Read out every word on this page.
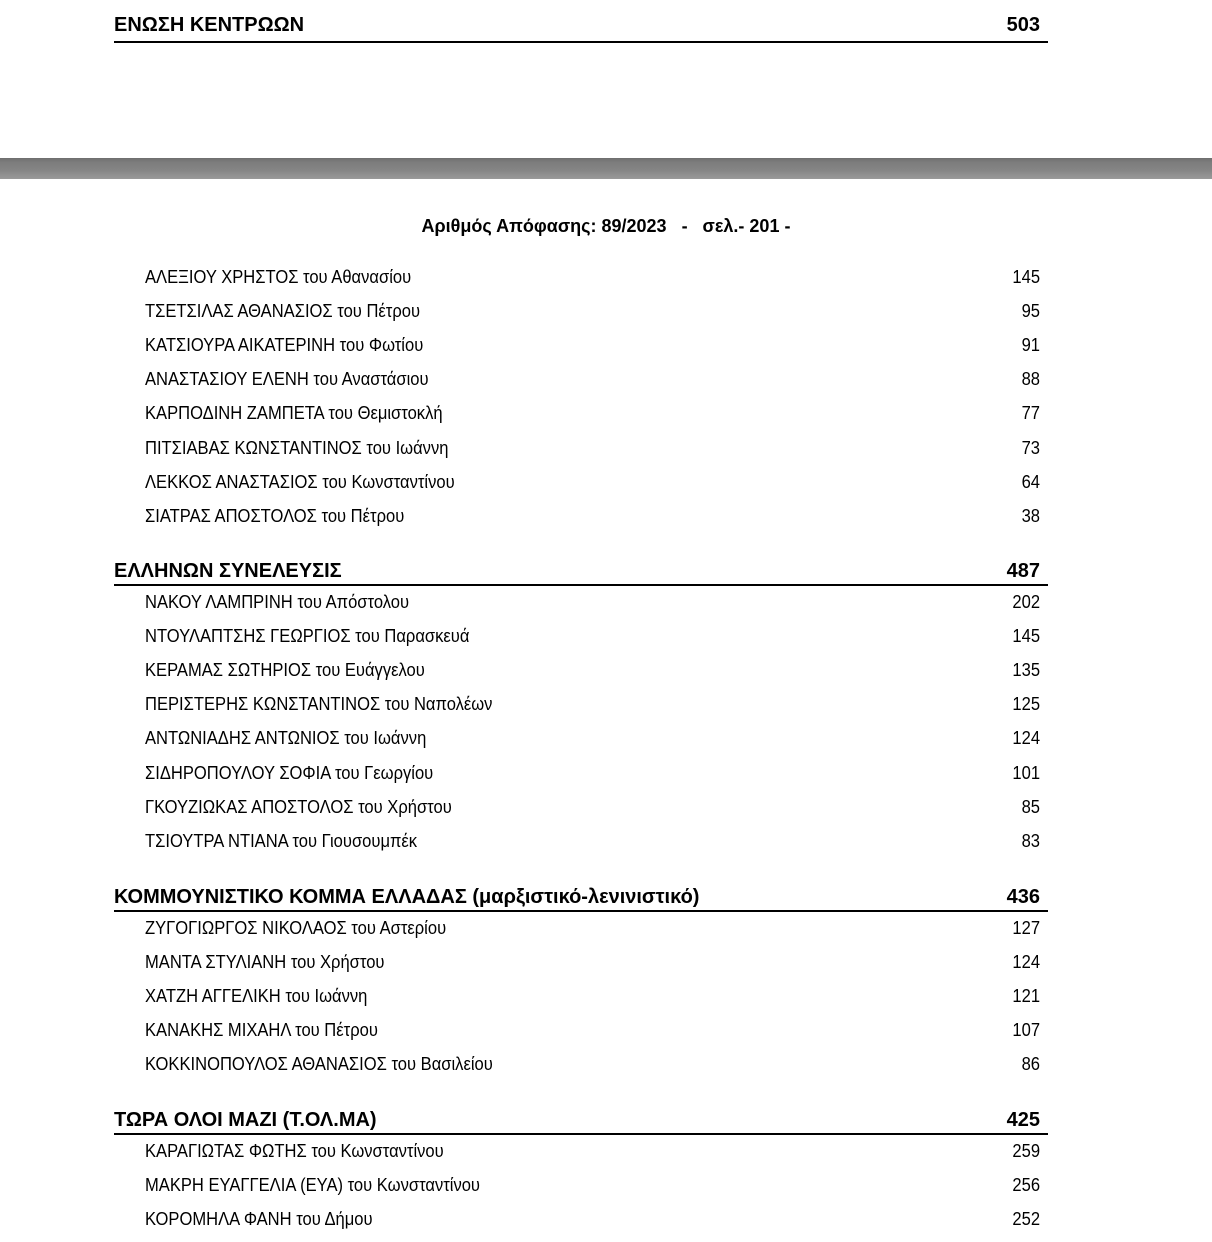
ΕΝΩΣΗ ΚΕΝΤΡΩΩΝ	503
Αριθμός Απόφασης: 89/2023   -   σελ.- 201 -
ΑΛΕΞΙΟΥ ΧΡΗΣΤΟΣ του Αθανασίου	145
ΤΣΕΤΣΙΛΑΣ ΑΘΑΝΑΣΙΟΣ του Πέτρου	95
ΚΑΤΣΙΟΥΡΑ ΑΙΚΑΤΕΡΙΝΗ του Φωτίου	91
ΑΝΑΣΤΑΣΙΟΥ ΕΛΕΝΗ του Αναστάσιου	88
ΚΑΡΠΟΔΙΝΗ ΖΑΜΠΕΤΑ του Θεμιστοκλή	77
ΠΙΤΣΙΑΒΑΣ ΚΩΝΣΤΑΝΤΙΝΟΣ του Ιωάννη	73
ΛΕΚΚΟΣ ΑΝΑΣΤΑΣΙΟΣ του Κωνσταντίνου	64
ΣΙΑΤΡΑΣ ΑΠΟΣΤΟΛΟΣ του Πέτρου	38
ΕΛΛΗΝΩΝ ΣΥΝΕΛΕΥΣΙΣ	487
ΝΑΚΟΥ ΛΑΜΠΡΙΝΗ του Απόστολου	202
ΝΤΟΥΛΑΠΤΣΗΣ ΓΕΩΡΓΙΟΣ του Παρασκευά	145
ΚΕΡΑΜΑΣ ΣΩΤΗΡΙΟΣ του Ευάγγελου	135
ΠΕΡΙΣΤΕΡΗΣ ΚΩΝΣΤΑΝΤΙΝΟΣ του Ναπολέων	125
ΑΝΤΩΝΙΑΔΗΣ ΑΝΤΩΝΙΟΣ του Ιωάννη	124
ΣΙΔΗΡΟΠΟΥΛΟΥ ΣΟΦΙΑ του Γεωργίου	101
ΓΚΟΥΖΙΩΚΑΣ ΑΠΟΣΤΟΛΟΣ του Χρήστου	85
ΤΣΙΟΥΤΡΑ ΝΤΙΑΝΑ του Γιουσουμπέκ	83
ΚΟΜΜΟΥΝΙΣΤΙΚΟ ΚΟΜΜΑ ΕΛΛΑΔΑΣ (μαρξιστικό-λενινιστικό)	436
ΖΥΓΟΓΙΩΡΓΟΣ ΝΙΚΟΛΑΟΣ του Αστερίου	127
ΜΑΝΤΑ ΣΤΥΛΙΑΝΗ του Χρήστου	124
ΧΑΤΖΗ ΑΓΓΕΛΙΚΗ του Ιωάννη	121
ΚΑΝΑΚΗΣ ΜΙΧΑΗΛ του Πέτρου	107
ΚΟΚΚΙΝΟΠΟΥΛΟΣ ΑΘΑΝΑΣΙΟΣ του Βασιλείου	86
ΤΩΡΑ ΟΛΟΙ ΜΑΖΙ (Τ.ΟΛ.ΜΑ)	425
ΚΑΡΑΓΙΩΤΑΣ ΦΩΤΗΣ του Κωνσταντίνου	259
ΜΑΚΡΗ ΕΥΑΓΓΕΛΙΑ (ΕΥΑ) του Κωνσταντίνου	256
ΚΟΡΟΜΗΛΑ ΦΑΝΗ του Δήμου	252
